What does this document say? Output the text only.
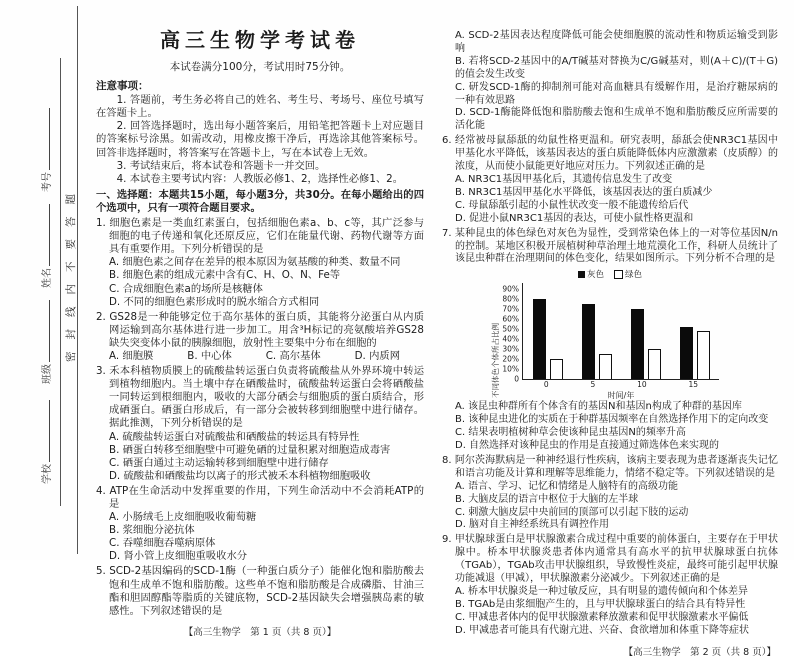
密封线内不要答题
考号
姓名
班级
学校
高三生物学考试卷
本试卷满分100分，考试用时75分钟。
注意事项：

1. 答题前，考生务必将自己的姓名、考生号、考场号、座位号填写在答题卡上。

2. 回答选择题时，选出每小题答案后，用铅笔把答题卡上对应题目的答案标号涂黑。如需改动，用橡皮擦干净后，再选涂其他答案标号。回答非选择题时，将答案写在答题卡上，写在本试卷上无效。

3. 考试结束后，将本试卷和答题卡一并交回。

4. 本试卷主要考试内容：人教版必修1、2，选择性必修1、2。

一、选择题：本题共15小题，每小题3分，共30分。在每小题给出的四个选项中，只有一项符合题目要求。

1. 细胞色素是一类血红素蛋白，包括细胞色素a、b、c等，其广泛参与细胞的电子传递和氧化还原反应，它们在能量代谢、药物代谢等方面具有重要作用。下列分析错误的是

A. 细胞色素之间存在差异的根本原因为氨基酸的种类、数量不同

B. 细胞色素的组成元素中含有C、H、O、N、Fe等

C. 合成细胞色素a的场所是核糖体

D. 不同的细胞色素形成时的脱水缩合方式相同

2. GS28是一种能够定位于高尔基体的蛋白质，其能将分泌蛋白从内质网运输到高尔基体进行进一步加工。用含³H标记的亮氨酸培养GS28缺失突变体小鼠的胰腺细胞，放射性主要集中分布在细胞的

A. 细胞膜	B. 中心体	C. 高尔基体	D. 内质网

3. 禾本科植物质膜上的硫酸盐转运蛋白负责将硫酸盐从外界环境中转运到植物细胞内。当土壤中存在硒酸盐时，硫酸盐转运蛋白会将硒酸盐一同转运到根细胞内，吸收的大部分硒会与细胞质的蛋白质结合，形成硒蛋白。硒蛋白形成后，有一部分会被转移到细胞壁中进行储存。据此推测，下列分析错误的是

A. 硫酸盐转运蛋白对硫酸盐和硒酸盐的转运具有特异性

B. 硒蛋白转移至细胞壁中可避免硒的过量积累对细胞造成毒害

C. 硒蛋白通过主动运输转移到细胞壁中进行储存

D. 硫酸盐和硒酸盐均以离子的形式被禾本科植物细胞吸收

4. ATP在生命活动中发挥重要的作用，下列生命活动中不会消耗ATP的是

A. 小肠绒毛上皮细胞吸收葡萄糖

B. 浆细胞分泌抗体

C. 吞噬细胞吞噬病原体

D. 肾小管上皮细胞重吸收水分

5. SCD-2基因编码的SCD-1酶（一种蛋白质分子）能催化饱和脂肪酸去饱和生成单不饱和脂肪酸。这些单不饱和脂肪酸是合成磷脂、甘油三酯和胆固醇酯等脂质的关键底物，SCD-2基因缺失会增强胰岛素的敏感性。下列叙述错误的是

【高三生物学　第 1 页（共 8 页）】

A. SCD-2基因表达程度降低可能会使细胞膜的流动性和物质运输受到影响

B. 若将SCD-2基因中的A/T碱基对替换为C/G碱基对，则(A＋C)/(T＋G)的值会发生改变

C. 研发SCD-1酶的抑制剂可能对高血糖具有缓解作用，是治疗糖尿病的一种有效思路

D. SCD-1酶能降低饱和脂肪酸去饱和生成单不饱和脂肪酸反应所需要的活化能

6. 经常被母鼠舔舐的幼鼠性格更温和。研究表明，舔舐会使NR3C1基因中甲基化水平降低，该基因表达的蛋白质能降低体内应激激素（皮质醇）的浓度，从而使小鼠能更好地应对压力。下列叙述正确的是

A. NR3C1基因甲基化后，其遗传信息发生了改变

B. NR3C1基因甲基化水平降低，该基因表达的蛋白质减少

C. 母鼠舔舐引起的小鼠性状改变一般不能遗传给后代

D. 促进小鼠NR3C1基因的表达，可使小鼠性格更温和

7. 某种昆虫的体色绿色对灰色为显性，受到常染色体上的一对等位基因N/n的控制。某地区积极开展植树种草治理土地荒漠化工作，科研人员统计了该昆虫种群在治理期间的体色变化，结果如图所示。下列分析不合理的是

灰色 绿色
不同体色个体所占比例 0
10%
20%
30%
40%
50%
60%
70%
80%
90%
0	5	10	15
时间/年

A. 该昆虫种群所有个体含有的基因N和基因n构成了种群的基因库

B. 该种昆虫进化的实质在于种群基因频率在自然选择作用下的定向改变

C. 结果表明植树种草会使该种昆虫基因N的频率升高

D. 自然选择对该种昆虫的作用是直接通过筛选体色来实现的

8. 阿尔茨海默病是一种神经退行性疾病，该病主要表现为患者逐渐丧失记忆和语言功能及计算和理解等思维能力，情绪不稳定等。下列叙述错误的是

A. 语言、学习、记忆和情绪是人脑特有的高级功能

B. 大脑皮层的语言中枢位于大脑的左半球

C. 刺激大脑皮层中央前回的顶部可以引起下肢的运动

D. 脑对自主神经系统具有调控作用

9. 甲状腺球蛋白是甲状腺激素合成过程中重要的前体蛋白，主要存在于甲状腺中。桥本甲状腺炎患者体内通常具有高水平的抗甲状腺球蛋白抗体（TGAb），TGAb攻击甲状腺组织，导致慢性炎症，最终可能引起甲状腺功能减退（甲减），甲状腺激素分泌减少。下列叙述正确的是

A. 桥本甲状腺炎是一种过敏反应，具有明显的遗传倾向和个体差异

B. TGAb是由浆细胞产生的，且与甲状腺球蛋白的结合具有特异性

C. 甲减患者体内的促甲状腺激素释放激素和促甲状腺激素水平偏低

D. 甲减患者可能具有代谢亢进、兴奋、食欲增加和体重下降等症状

【高三生物学　第 2 页（共 8 页）】
